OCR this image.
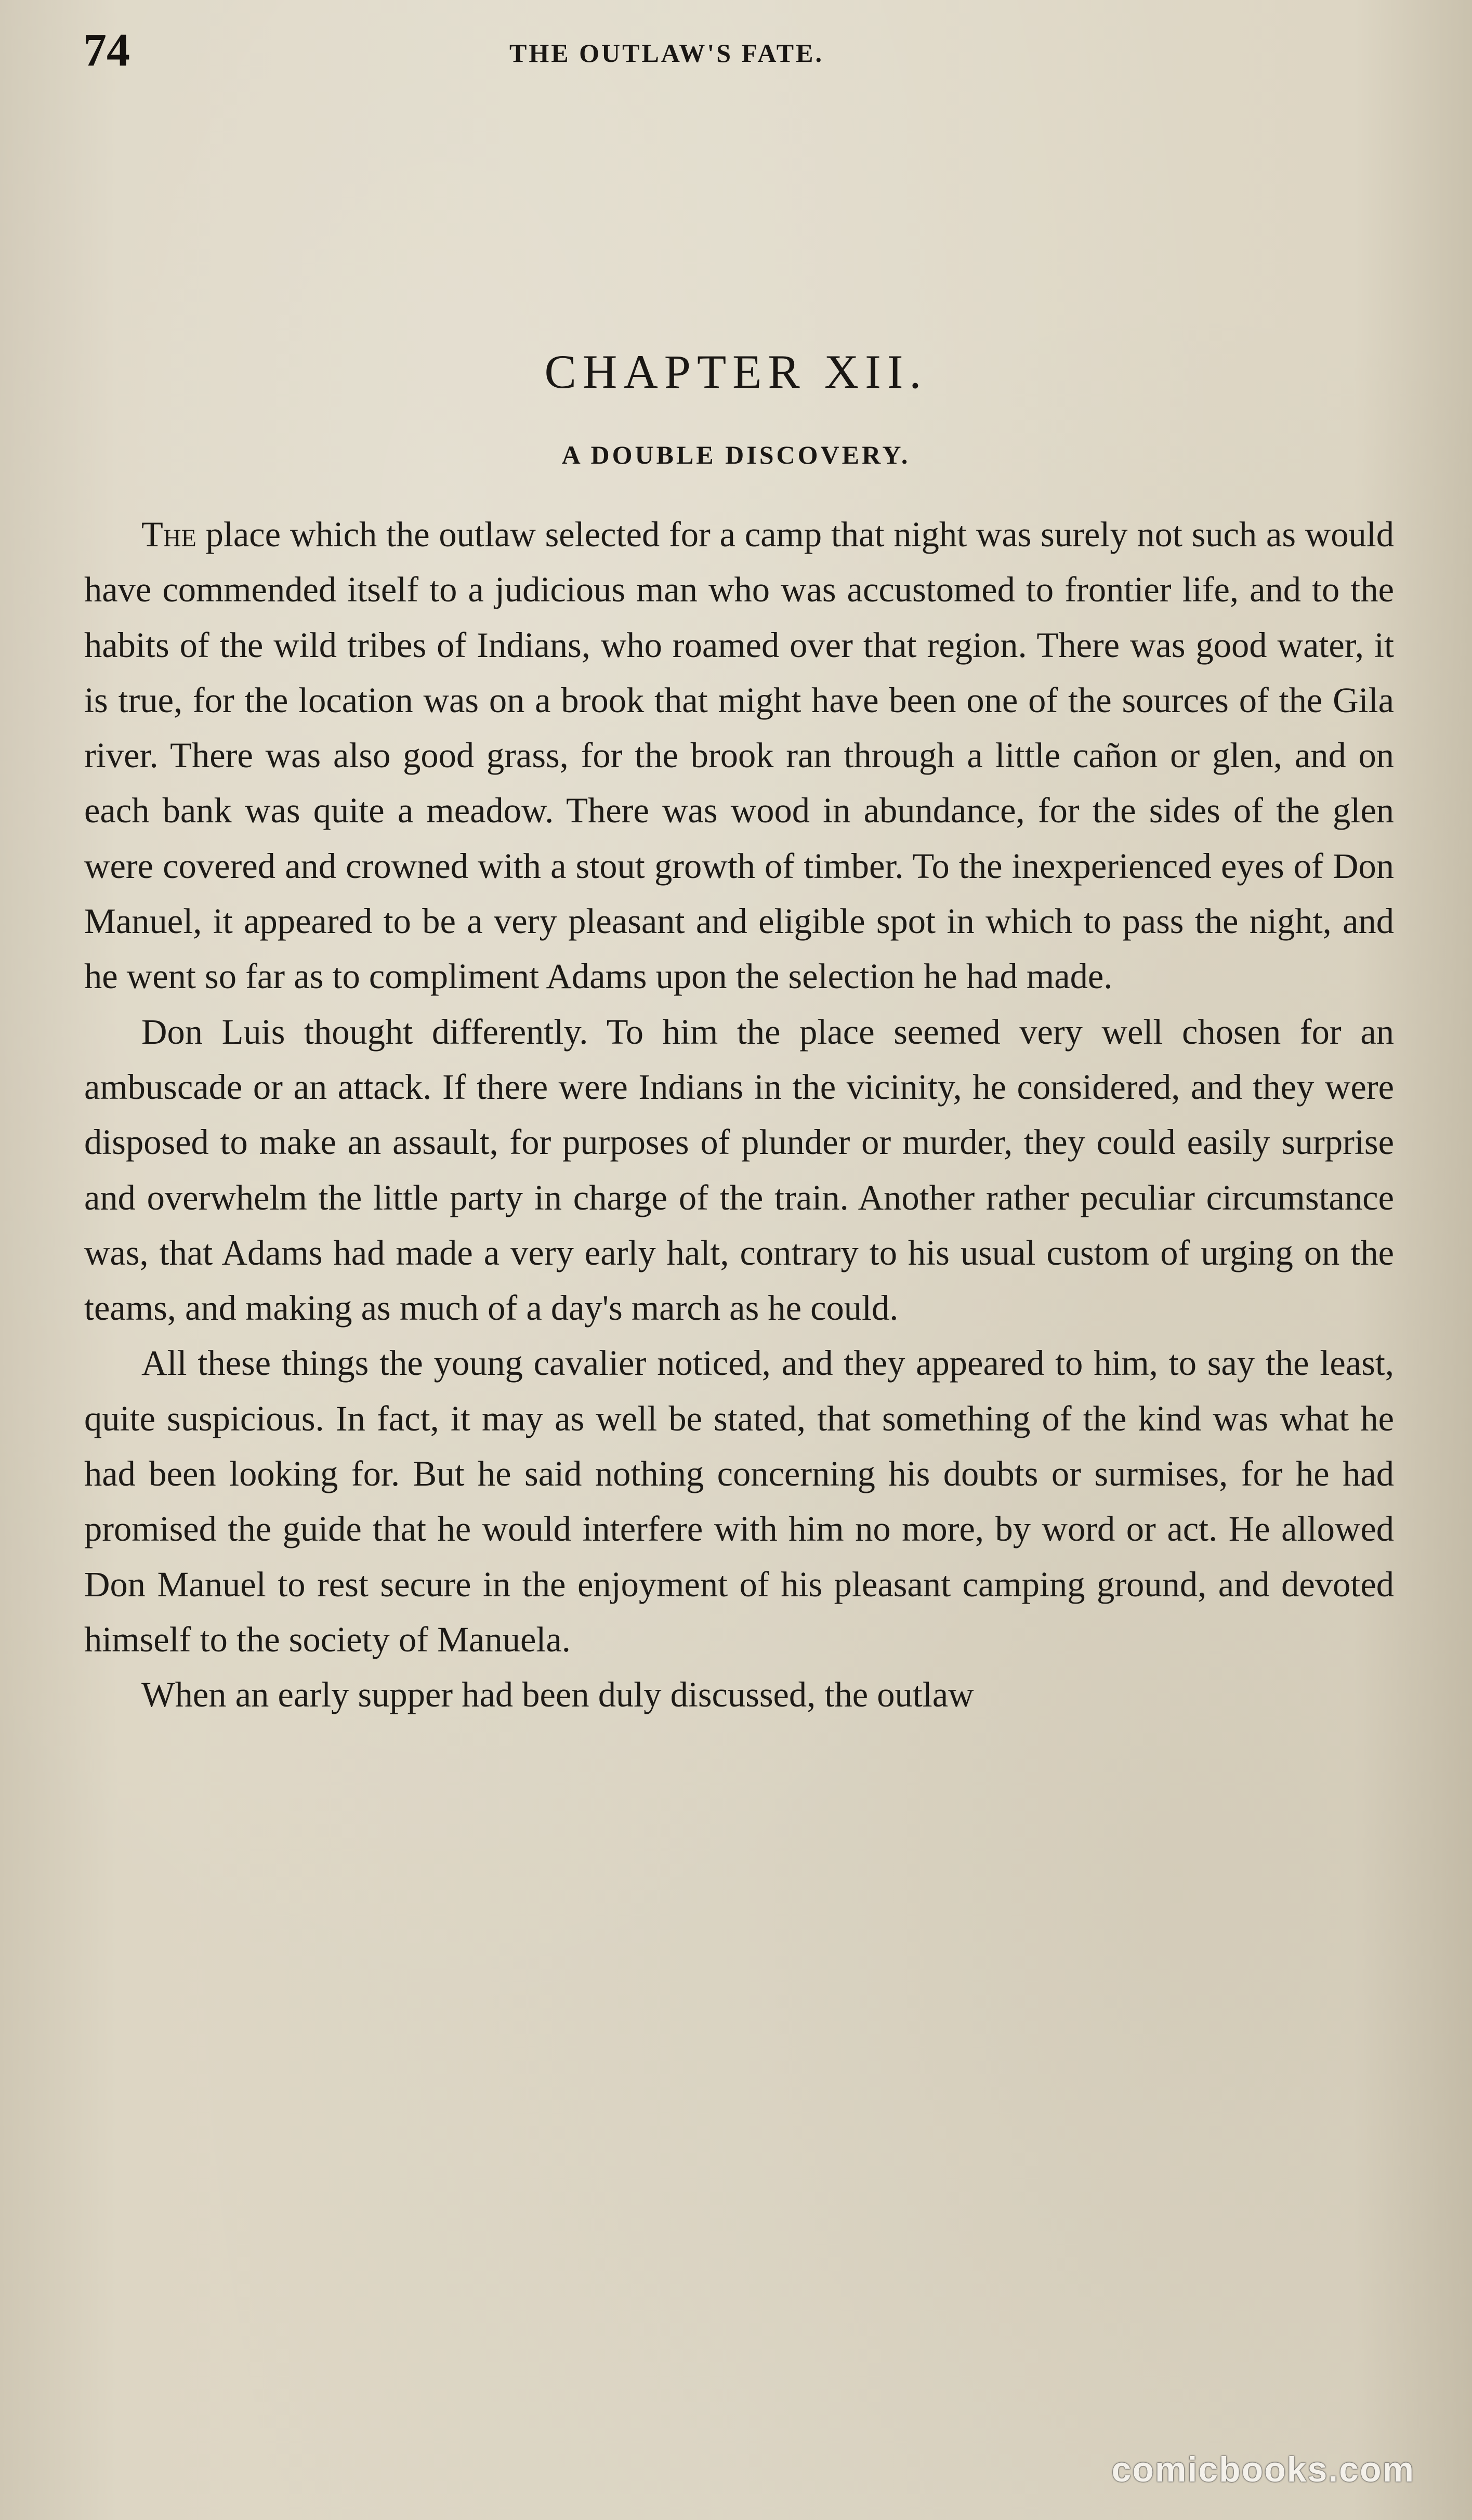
74	THE OUTLAW'S FATE.
CHAPTER XII.
A DOUBLE DISCOVERY.

The place which the outlaw selected for a camp that night was surely not such as would have commended itself to a judicious man who was accustomed to frontier life, and to the habits of the wild tribes of Indians, who roamed over that region. There was good water, it is true, for the location was on a brook that might have been one of the sources of the Gila river. There was also good grass, for the brook ran through a little cañon or glen, and on each bank was quite a meadow. There was wood in abundance, for the sides of the glen were covered and crowned with a stout growth of timber. To the inexperienced eyes of Don Manuel, it appeared to be a very pleasant and eligible spot in which to pass the night, and he went so far as to compliment Adams upon the selection he had made.

Don Luis thought differently. To him the place seemed very well chosen for an ambuscade or an attack. If there were Indians in the vicinity, he considered, and they were disposed to make an assault, for purposes of plunder or murder, they could easily surprise and overwhelm the little party in charge of the train. Another rather peculiar circumstance was, that Adams had made a very early halt, contrary to his usual custom of urging on the teams, and making as much of a day's march as he could.

All these things the young cavalier noticed, and they appeared to him, to say the least, quite suspicious. In fact, it may as well be stated, that something of the kind was what he had been looking for. But he said nothing concerning his doubts or surmises, for he had promised the guide that he would interfere with him no more, by word or act. He allowed Don Manuel to rest secure in the enjoyment of his pleasant camping ground, and devoted himself to the society of Manuela.

When an early supper had been duly discussed, the outlaw

comicbooks.com
